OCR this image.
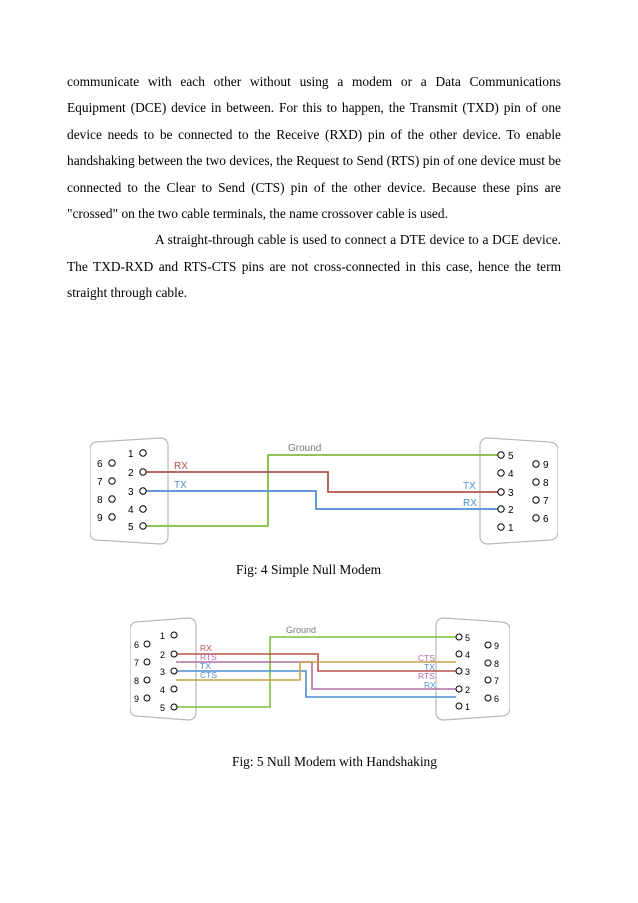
communicate with each other without using a modem or a Data Communications Equipment (DCE) device in between. For this to happen, the Transmit (TXD) pin of one device needs to be connected to the Receive (RXD) pin of the other device. To enable handshaking between the two devices, the Request to Send (RTS) pin of one device must be connected to the Clear to Send (CTS) pin of the other device. Because these pins are "crossed" on the two cable terminals, the name crossover cable is used.

A straight-through cable is used to connect a DTE device to a DCE device. The TXD-RXD and RTS-CTS pins are not cross-connected in this case, hence the term straight through cable.

Ground
RX
TX	TX
RX
1
2
3
4
5
6
7
8
9
5
4
3
2
1
9
8
7
6
Fig: 4 Simple Null Modem
Ground
RX
RTS
TX
CTS
CTS
TX
RTS
RX
1
2
3
4
5
6
7
8
9
5
4
3
2
1
9
8
7
6
Fig: 5 Null Modem with Handshaking
